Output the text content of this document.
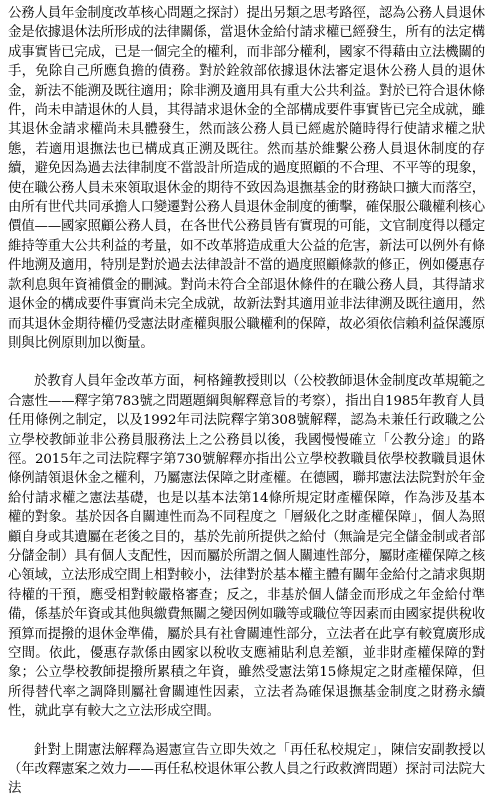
公務人員年金制度改革核心問題之探討）提出另類之思考路徑，認為公務人員退休金是依據退休法所形成的法律關係，當退休金給付請求權已經發生，所有的法定構成事實皆已完成，已是一個完全的權利，而非部分權利，國家不得藉由立法機關的手，免除自己所應負擔的債務。對於銓敘部依據退休法審定退休公務人員的退休金，新法不能溯及既往適用；除非溯及適用具有重大公共利益。對於已符合退休條件，尚未申請退休的人員，其得請求退休金的全部構成要件事實皆已完全成就，雖其退休金請求權尚未具體發生，然而該公務人員已經處於隨時得行使請求權之狀態，若適用退撫法也已構成真正溯及既往。然而基於維繫公務人員退休制度的存續，避免因為過去法律制度不當設計所造成的過度照顧的不合理、不平等的現象，使在職公務人員未來領取退休金的期待不致因為退撫基金的財務缺口擴大而落空，由所有世代共同承擔人口變遷對公務人員退休金制度的衝擊，確保服公職權利核心價值——國家照顧公務人員，在各世代公務員皆有實現的可能，文官制度得以穩定維持等重大公共利益的考量，如不改革將造成重大公益的危害，新法可以例外有條件地溯及適用，特別是對於過去法律設計不當的過度照顧條款的修正，例如優惠存款利息與年資補償金的刪減。對尚未符合全部退休條件的在職公務人員，其得請求退休金的構成要件事實尚未完全成就，故新法對其適用並非法律溯及既往適用，然而其退休金期待權仍受憲法財產權與服公職權利的保障，故必須依信賴利益保護原則與比例原則加以衡量。

於教育人員年金改革方面，柯格鐘教授則以（公校教師退休金制度改革規範之合憲性——釋字第783號之問題題綱與解釋意旨的考察），指出自1985年教育人員任用條例之制定，以及1992年司法院釋字第308號解釋，認為未兼任行政職之公立學校教師並非公務員服務法上之公務員以後，我國慢慢確立「公教分途」的路徑。2015年之司法院釋字第730號解釋亦指出公立學校教職員依學校教職員退休條例請領退休金之權利，乃屬憲法保障之財產權。在德國，聯邦憲法法院對於年金給付請求權之憲法基礎，也是以基本法第14條所規定財產權保障，作為涉及基本權的對象。基於因各自關連性而為不同程度之「層級化之財產權保障」，個人為照顧自身或其遺屬在老後之目的，基於先前所提供之給付（無論是完全儲金制或者部分儲金制）具有個人支配性，因而屬於所謂之個人關連性部分，屬財產權保障之核心領域，立法形成空間上相對較小，法律對於基本權主體有關年金給付之請求與期待權的干預，應受相對較嚴格審查；反之，非基於個人儲金而形成之年金給付準備，係基於年資或其他與繳費無關之變因例如職等或職位等因素而由國家提供稅收預算而提撥的退休金準備，屬於具有社會關連性部分，立法者在此享有較寬廣形成空間。依此，優惠存款係由國家以稅收支應補貼利息差額，並非財產權保障的對象；公立學校教師提撥所累積之年資，雖然受憲法第15條規定之財產權保障，但所得替代率之調降則屬社會關連性因素，立法者為確保退撫基金制度之財務永續性，就此享有較大之立法形成空間。

針對上開憲法解釋為遏憲宣告立即失效之「再任私校規定」，陳信安副教授以（年改釋憲案之效力——再任私校退休軍公教人員之行政救濟問題）探討司法院大法
